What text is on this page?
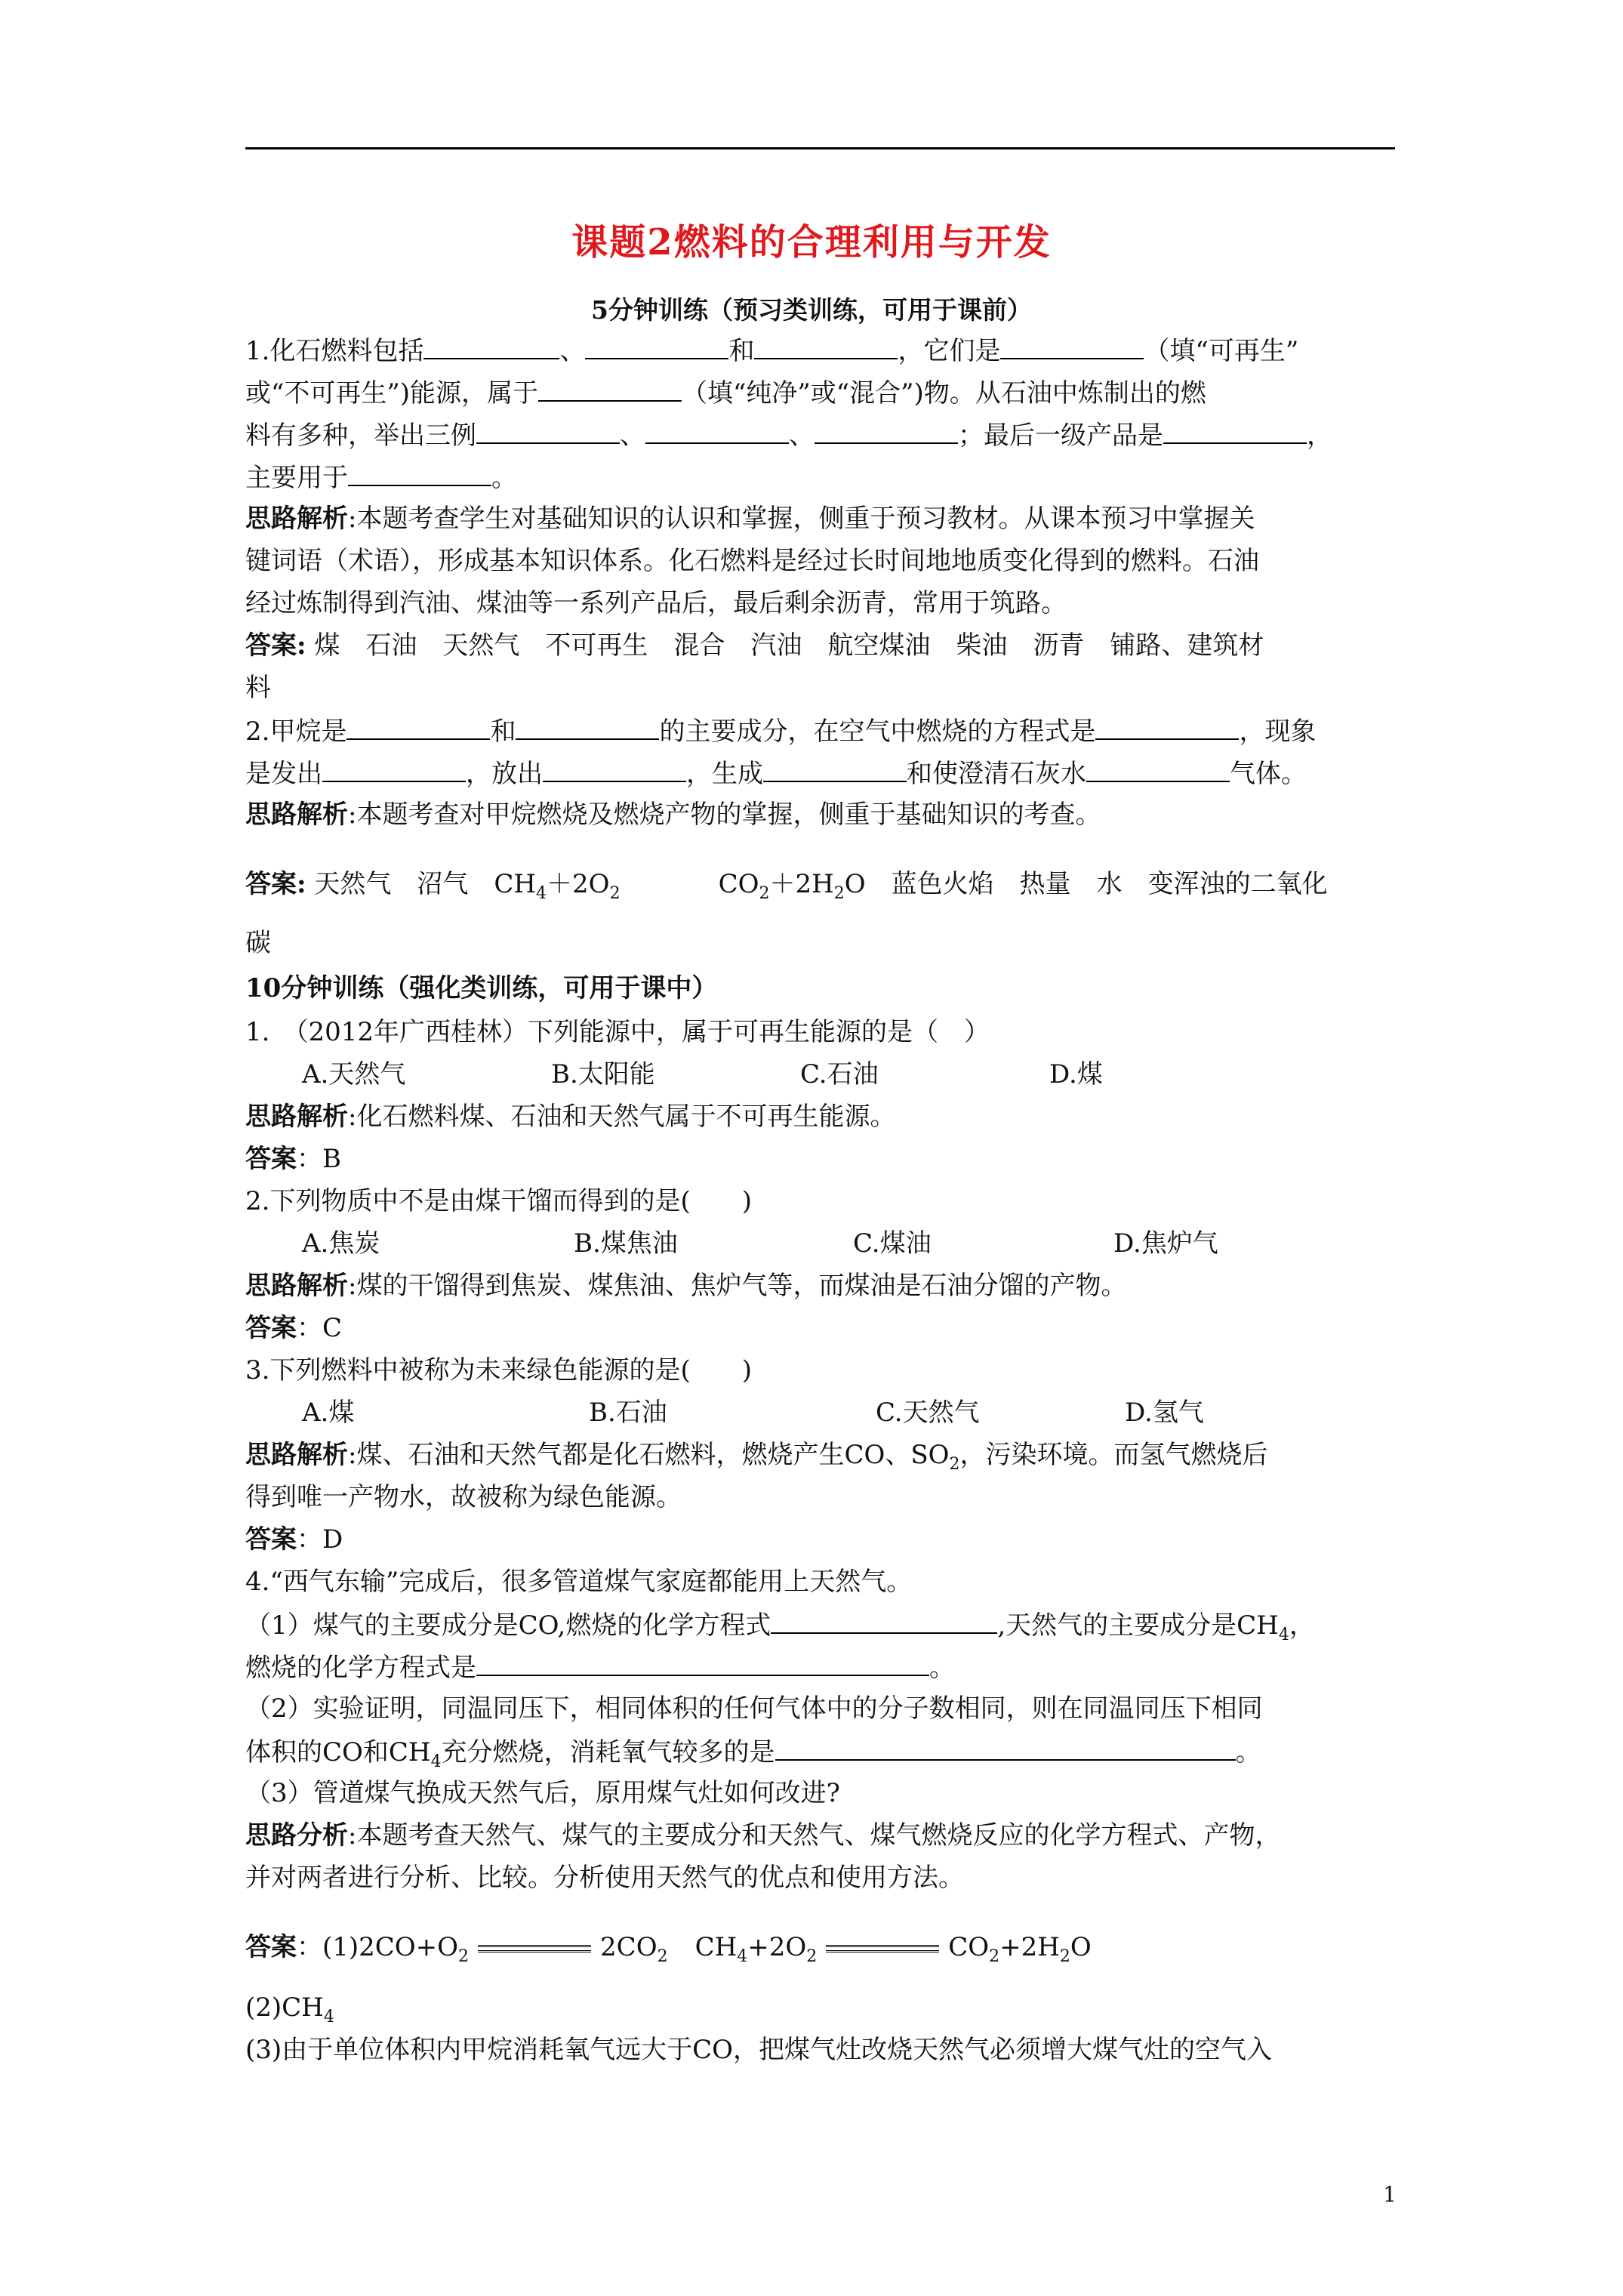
课题2燃料的合理利用与开发
5分钟训练（预习类训练，可用于课前）
1.化石燃料包括	、	和	，它们是	（填“可再生”
或“不可再生”)能源，属于	（填“纯净”或“混合”)物。从石油中炼制出的燃
料有多种，举出三例	、	、	；最后一级产品是	，
主要用于	。
思路解析:本题考查学生对基础知识的认识和掌握，侧重于预习教材。从课本预习中掌握关
键词语（术语），形成基本知识体系。化石燃料是经过长时间地地质变化得到的燃料。石油
经过炼制得到汽油、煤油等一系列产品后，最后剩余沥青，常用于筑路。
答案: 煤　石油　天然气　不可再生　混合　汽油　航空煤油　柴油　沥青　铺路、建筑材
料
2.甲烷是	和	的主要成分，在空气中燃烧的方程式是	，现象
是发出	，放出	，生成	和使澄清石灰水	气体。
思路解析:本题考查对甲烷燃烧及燃烧产物的掌握，侧重于基础知识的考查。
答案: 天然气　沼气　$CH_4+2O_2$	$CO_2+2H_2O$　蓝色火焰　热量　水　变浑浊的二氧化
碳
10分钟训练（强化类训练，可用于课中）
1.　（2012年广西桂林）下列能源中，属于可再生能源的是（　）
A.天然气	B.太阳能	C.石油	D.煤
思路解析:化石燃料煤、石油和天然气属于不可再生能源。
答案：B
2.下列物质中不是由煤干馏而得到的是(　　)
A.焦炭	B.煤焦油	C.煤油	D.焦炉气
思路解析:煤的干馏得到焦炭、煤焦油、焦炉气等，而煤油是石油分馏的产物。
答案：C
3.下列燃料中被称为未来绿色能源的是(　　)
A.煤	B.石油	C.天然气	D.氢气
思路解析:煤、石油和天然气都是化石燃料，燃烧产生CO、$SO_2$，污染环境。而氢气燃烧后
得到唯一产物水，故被称为绿色能源。
答案：D
4.“西气东输”完成后，很多管道煤气家庭都能用上天然气。
（1）煤气的主要成分是CO,燃烧的化学方程式	,天然气的主要成分是$CH_4$，
燃烧的化学方程式是	。
（2）实验证明，同温同压下，相同体积的任何气体中的分子数相同，则在同温同压下相同
体积的CO和$CH_4$充分燃烧，消耗氧气较多的是	。
（3）管道煤气换成天然气后，原用煤气灶如何改进?
思路分析:本题考查天然气、煤气的主要成分和天然气、煤气燃烧反应的化学方程式、产物，
并对两者进行分析、比较。分析使用天然气的优点和使用方法。
答案：$(1)2CO+O_2$	$2CO_2$ $CH_4+2O_2$	$CO_2+2H_2O$
$(2)CH_4$
(3)由于单位体积内甲烷消耗氧气远大于CO，把煤气灶改烧天然气必须增大煤气灶的空气入
1
